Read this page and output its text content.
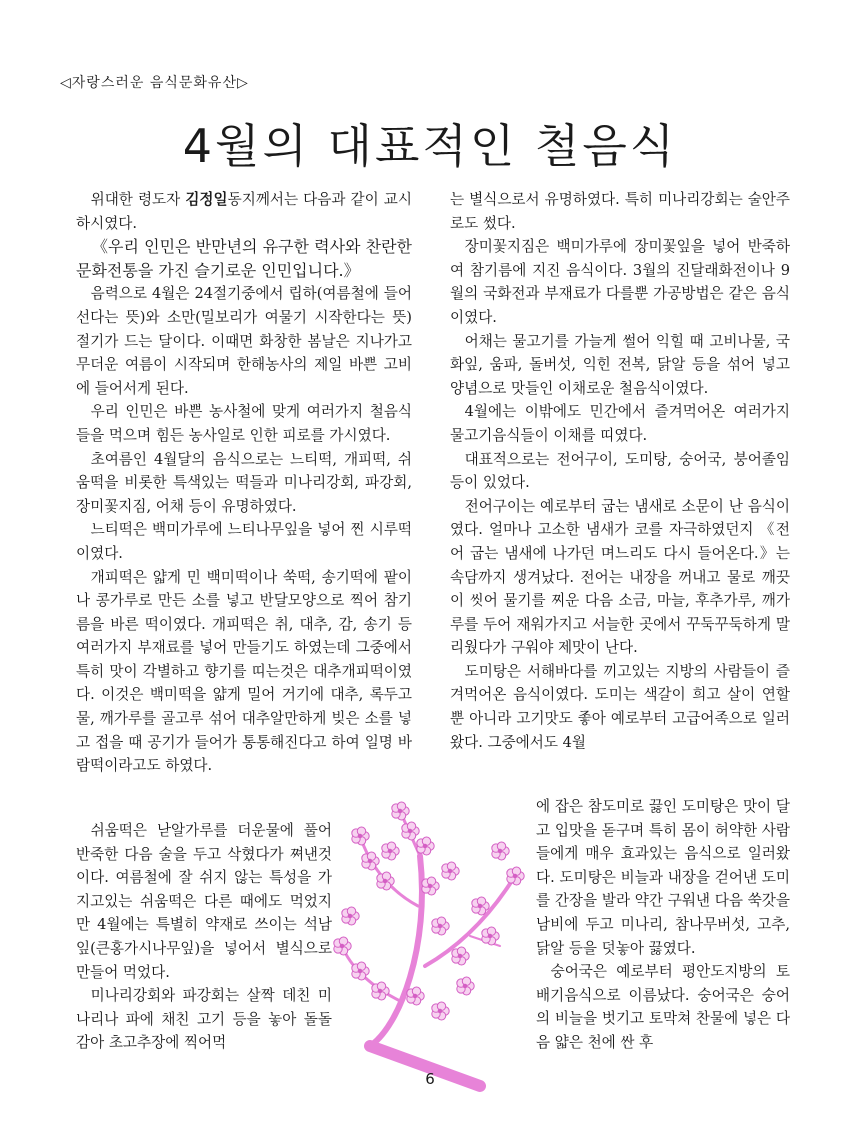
◁자랑스러운 음식문화유산▷
4월의 대표적인 철음식

위대한 령도자 김정일동지께서는 다음과 같이 교시하시였다.

《우리 인민은 반만년의 유구한 력사와 찬란한 문화전통을 가진 슬기로운 인민입니다.》

음력으로 4월은 24절기중에서 립하(여름철에 들어선다는 뜻)와 소만(밀보리가 여물기 시작한다는 뜻)절기가 드는 달이다. 이때면 화창한 봄날은 지나가고 무더운 여름이 시작되며 한해농사의 제일 바쁜 고비에 들어서게 된다.

우리 인민은 바쁜 농사철에 맞게 여러가지 철음식들을 먹으며 힘든 농사일로 인한 피로를 가시였다.

초여름인 4월달의 음식으로는 느티떡, 개피떡, 쉬움떡을 비롯한 특색있는 떡들과 미나리강회, 파강회, 장미꽃지짐, 어채 등이 유명하였다.

느티떡은 백미가루에 느티나무잎을 넣어 찐 시루떡이였다.

개피떡은 얇게 민 백미떡이나 쑥떡, 송기떡에 팥이나 콩가루로 만든 소를 넣고 반달모양으로 찍어 참기름을 바른 떡이였다. 개피떡은 취, 대추, 감, 송기 등 여러가지 부재료를 넣어 만들기도 하였는데 그중에서 특히 맛이 각별하고 향기를 띠는것은 대추개피떡이였다. 이것은 백미떡을 얇게 밀어 거기에 대추, 록두고물, 깨가루를 골고루 섞어 대추알만하게 빚은 소를 넣고 접을 때 공기가 들어가 통통해진다고 하여 일명 바람떡이라고도 하였다.

쉬움떡은 낟알가루를 더운물에 풀어 반죽한 다음 술을 두고 삭혔다가 쪄낸것이다. 여름철에 잘 쉬지 않는 특성을 가지고있는 쉬움떡은 다른 때에도 먹었지만 4월에는 특별히 약재로 쓰이는 석남잎(큰홍가시나무잎)을 넣어서 별식으로 만들어 먹었다.

미나리강회와 파강회는 살짝 데친 미나리나 파에 채친 고기 등을 놓아 돌돌 감아 초고추장에 찍어먹

는 별식으로서 유명하였다. 특히 미나리강회는 술안주로도 썼다.

장미꽃지짐은 백미가루에 장미꽃잎을 넣어 반죽하여 참기름에 지진 음식이다. 3월의 진달래화전이나 9월의 국화전과 부재료가 다를뿐 가공방법은 같은 음식이였다.

어채는 물고기를 가늘게 썰어 익힐 때 고비나물, 국화잎, 움파, 돌버섯, 익힌 전복, 닭알 등을 섞어 넣고 양념으로 맛들인 이채로운 철음식이였다.

4월에는 이밖에도 민간에서 즐겨먹어온 여러가지 물고기음식들이 이채를 띠였다.

대표적으로는 전어구이, 도미탕, 숭어국, 붕어졸임 등이 있었다.

전어구이는 예로부터 굽는 냄새로 소문이 난 음식이였다. 얼마나 고소한 냄새가 코를 자극하였던지 《전어 굽는 냄새에 나가던 며느리도 다시 들어온다.》는 속담까지 생겨났다. 전어는 내장을 꺼내고 물로 깨끗이 씻어 물기를 찌운 다음 소금, 마늘, 후추가루, 깨가루를 두어 재워가지고 서늘한 곳에서 꾸둑꾸둑하게 말리웠다가 구워야 제맛이 난다.

도미탕은 서해바다를 끼고있는 지방의 사람들이 즐겨먹어온 음식이였다. 도미는 색갈이 희고 살이 연할뿐 아니라 고기맛도 좋아 예로부터 고급어족으로 일러왔다. 그중에서도 4월

에 잡은 참도미로 끓인 도미탕은 맛이 달고 입맛을 돋구며 특히 몸이 허약한 사람들에게 매우 효과있는 음식으로 일러왔다. 도미탕은 비늘과 내장을 걷어낸 도미를 간장을 발라 약간 구워낸 다음 쑥갓을 남비에 두고 미나리, 참나무버섯, 고추, 닭알 등을 덧놓아 끓였다.

숭어국은 예로부터 평안도지방의 토배기음식으로 이름났다. 숭어국은 숭어의 비늘을 벗기고 토막쳐 찬물에 넣은 다음 얇은 천에 싼 후

6
